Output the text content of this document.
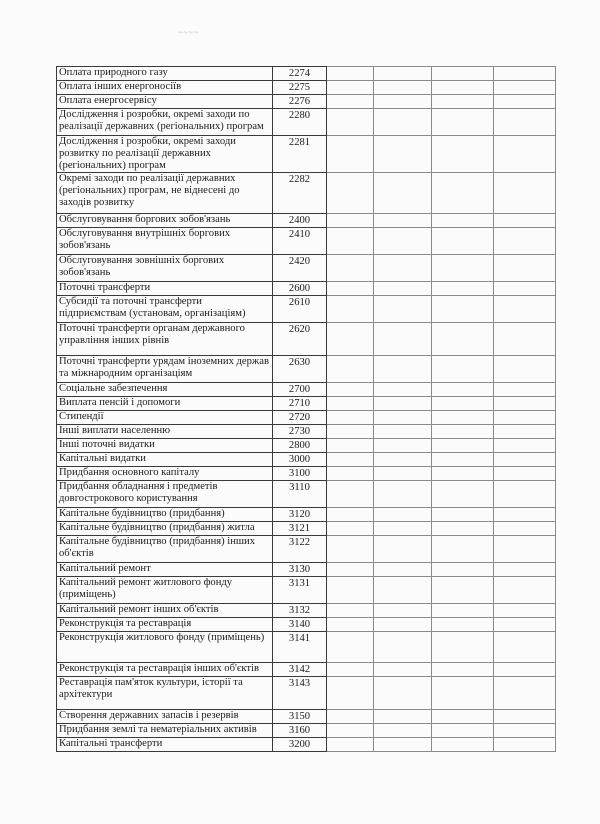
~~~~
Оплата природного газу	2274				
Оплата інших енергоносіїв	2275				
Оплата енергосервісу	2276				
Дослідження і розробки, окремі заходи по реалізації державних (регіональних) програм	2280				
Дослідження і розробки, окремі заходи розвитку по реалізації державних (регіональних) програм	2281				
Окремі заходи по реалізації державних (регіональних) програм, не віднесені до заходів розвитку	2282				
Обслуговування боргових зобов'язань	2400				
Обслуговування внутрішніх боргових зобов'язань	2410				
Обслуговування зовнішніх боргових зобов'язань	2420				
Поточні трансферти	2600				
Субсидії та поточні трансферти підприємствам (установам, організаціям)	2610				
Поточні трансферти органам державного управління інших рівнів	2620				
Поточні трансферти урядам іноземних держав та міжнародним організаціям	2630				
Соціальне забезпечення	2700				
Виплата пенсій і допомоги	2710				
Стипендії	2720				
Інші виплати населенню	2730				
Інші поточні видатки	2800				
Капітальні видатки	3000				
Придбання основного капіталу	3100				
Придбання обладнання і предметів довгострокового користування	3110				
Капітальне будівництво (придбання)	3120				
Капітальне будівництво (придбання) житла	3121				
Капітальне будівництво (придбання) інших об'єктів	3122				
Капітальний ремонт	3130				
Капітальний ремонт житлового фонду (приміщень)	3131				
Капітальний ремонт інших об'єктів	3132				
Реконструкція та реставрація	3140				
Реконструкція житлового фонду (приміщень)	3141				
Реконструкція та реставрація інших об'єктів	3142				
Реставрація пам'яток культури, історії та архітектури	3143				
Створення державних запасів і резервів	3150				
Придбання землі та нематеріальних активів	3160				
Капітальні трансферти	3200				
